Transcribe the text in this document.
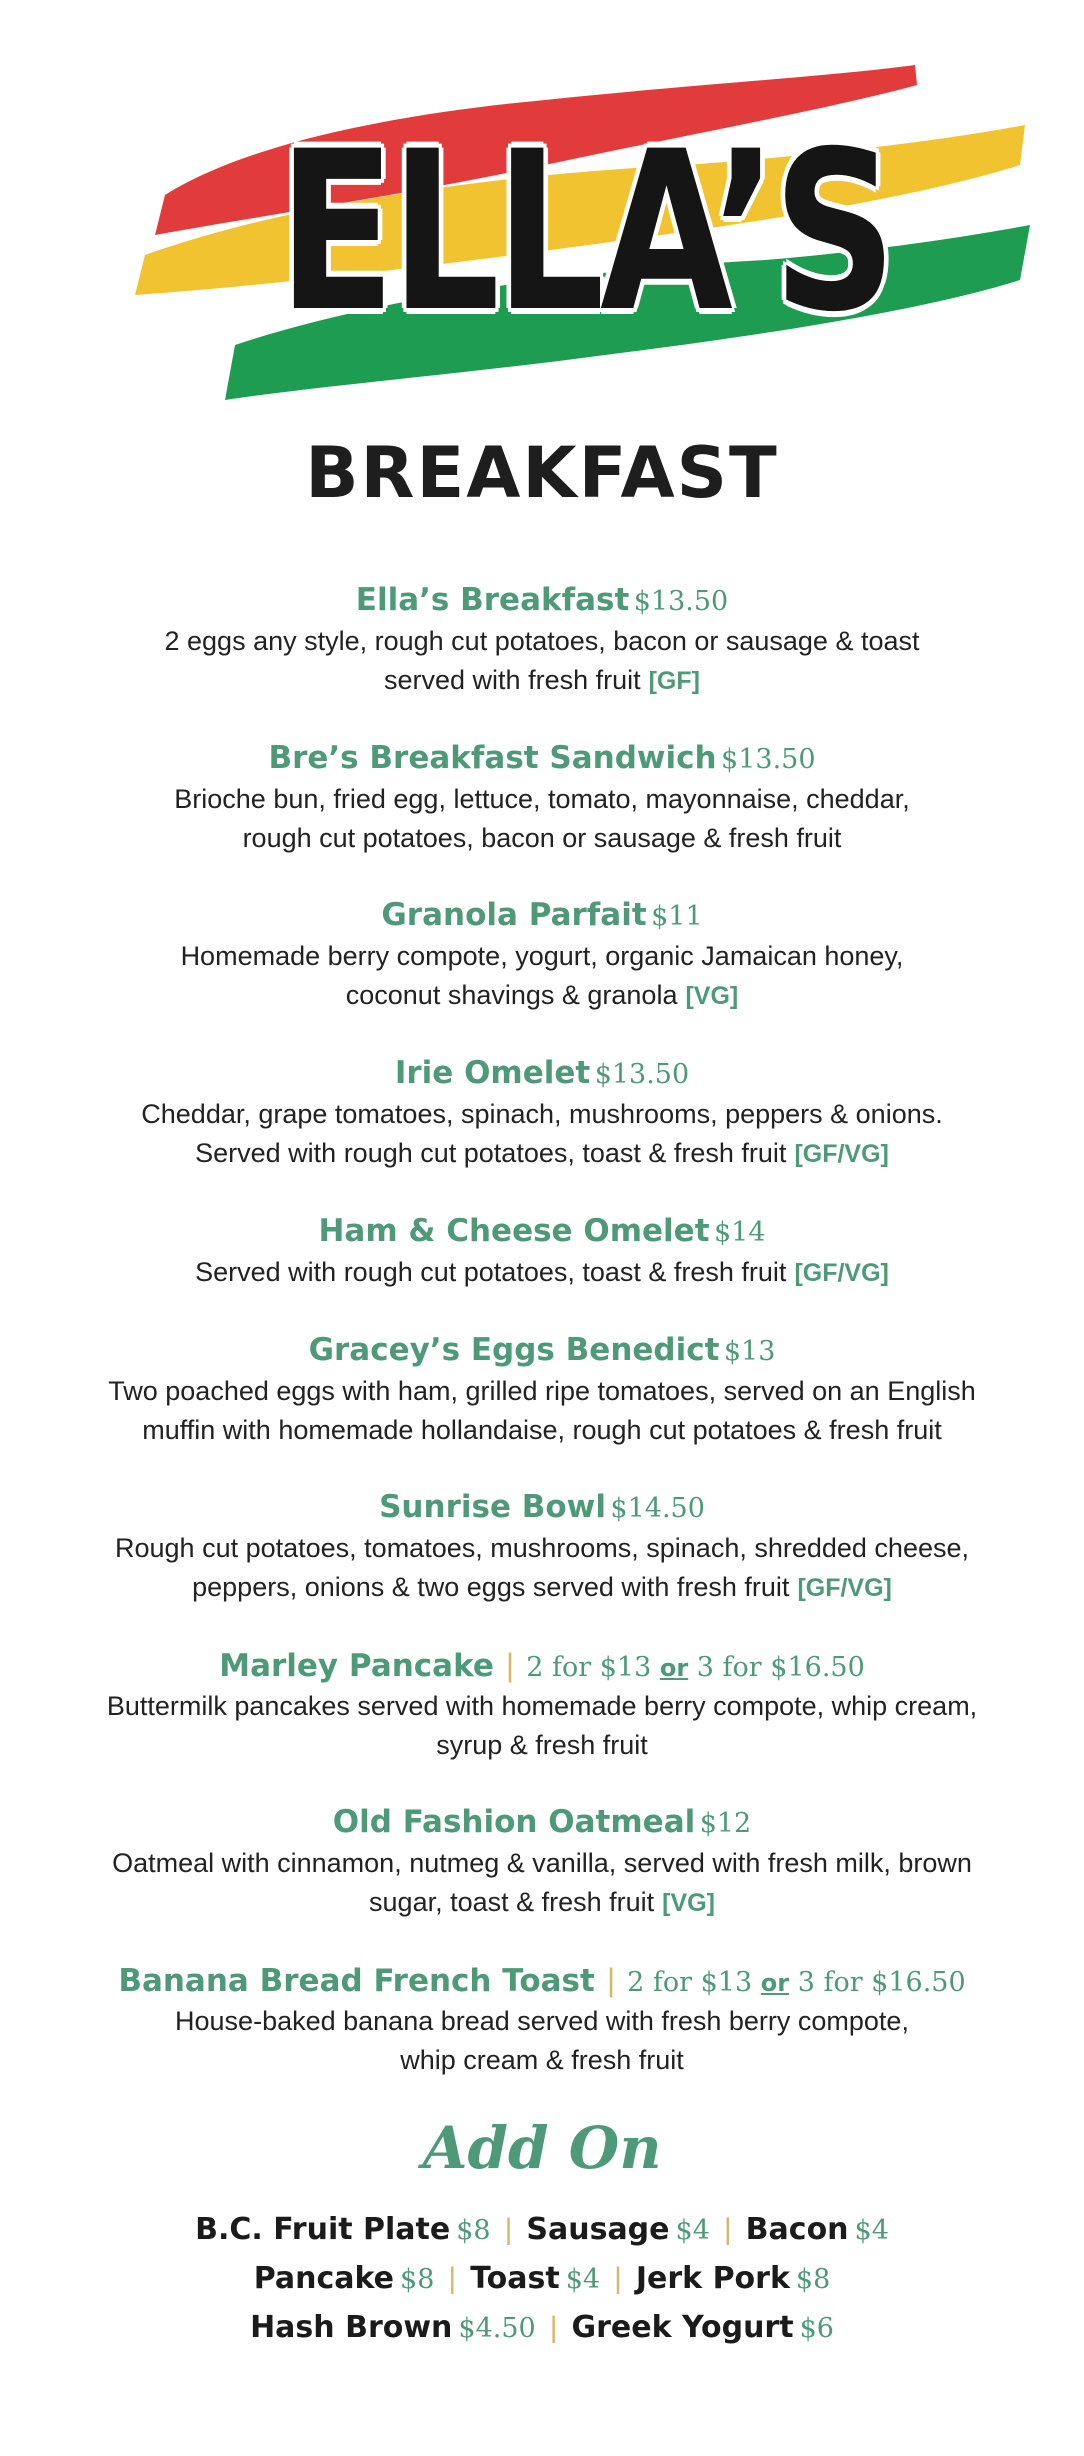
ELLA’S
BREAKFAST
Ella’s Breakfast $13.50
2 eggs any style, rough cut potatoes, bacon or sausage & toast
served with fresh fruit [GF]
Bre’s Breakfast Sandwich $13.50
Brioche bun, fried egg, lettuce, tomato, mayonnaise, cheddar,
rough cut potatoes, bacon or sausage & fresh fruit
Granola Parfait $11
Homemade berry compote, yogurt, organic Jamaican honey,
coconut shavings & granola [VG]
Irie Omelet $13.50
Cheddar, grape tomatoes, spinach, mushrooms, peppers & onions.
Served with rough cut potatoes, toast & fresh fruit [GF/VG]
Ham & Cheese Omelet $14
Served with rough cut potatoes, toast & fresh fruit [GF/VG]
Gracey’s Eggs Benedict $13
Two poached eggs with ham, grilled ripe tomatoes, served on an English
muffin with homemade hollandaise, rough cut potatoes & fresh fruit
Sunrise Bowl $14.50
Rough cut potatoes, tomatoes, mushrooms, spinach, shredded cheese,
peppers, onions & two eggs served with fresh fruit [GF/VG]
Marley Pancake | 2 for $13 or 3 for $16.50
Buttermilk pancakes served with homemade berry compote, whip cream,
syrup & fresh fruit
Old Fashion Oatmeal $12
Oatmeal with cinnamon, nutmeg & vanilla, served with fresh milk, brown
sugar, toast & fresh fruit [VG]
Banana Bread French Toast | 2 for $13 or 3 for $16.50
House-baked banana bread served with fresh berry compote,
whip cream & fresh fruit
Add On
B.C. Fruit Plate $8 | Sausage $4 | Bacon $4
Pancake $8 | Toast $4 | Jerk Pork $8
Hash Brown $4.50 | Greek Yogurt $6
